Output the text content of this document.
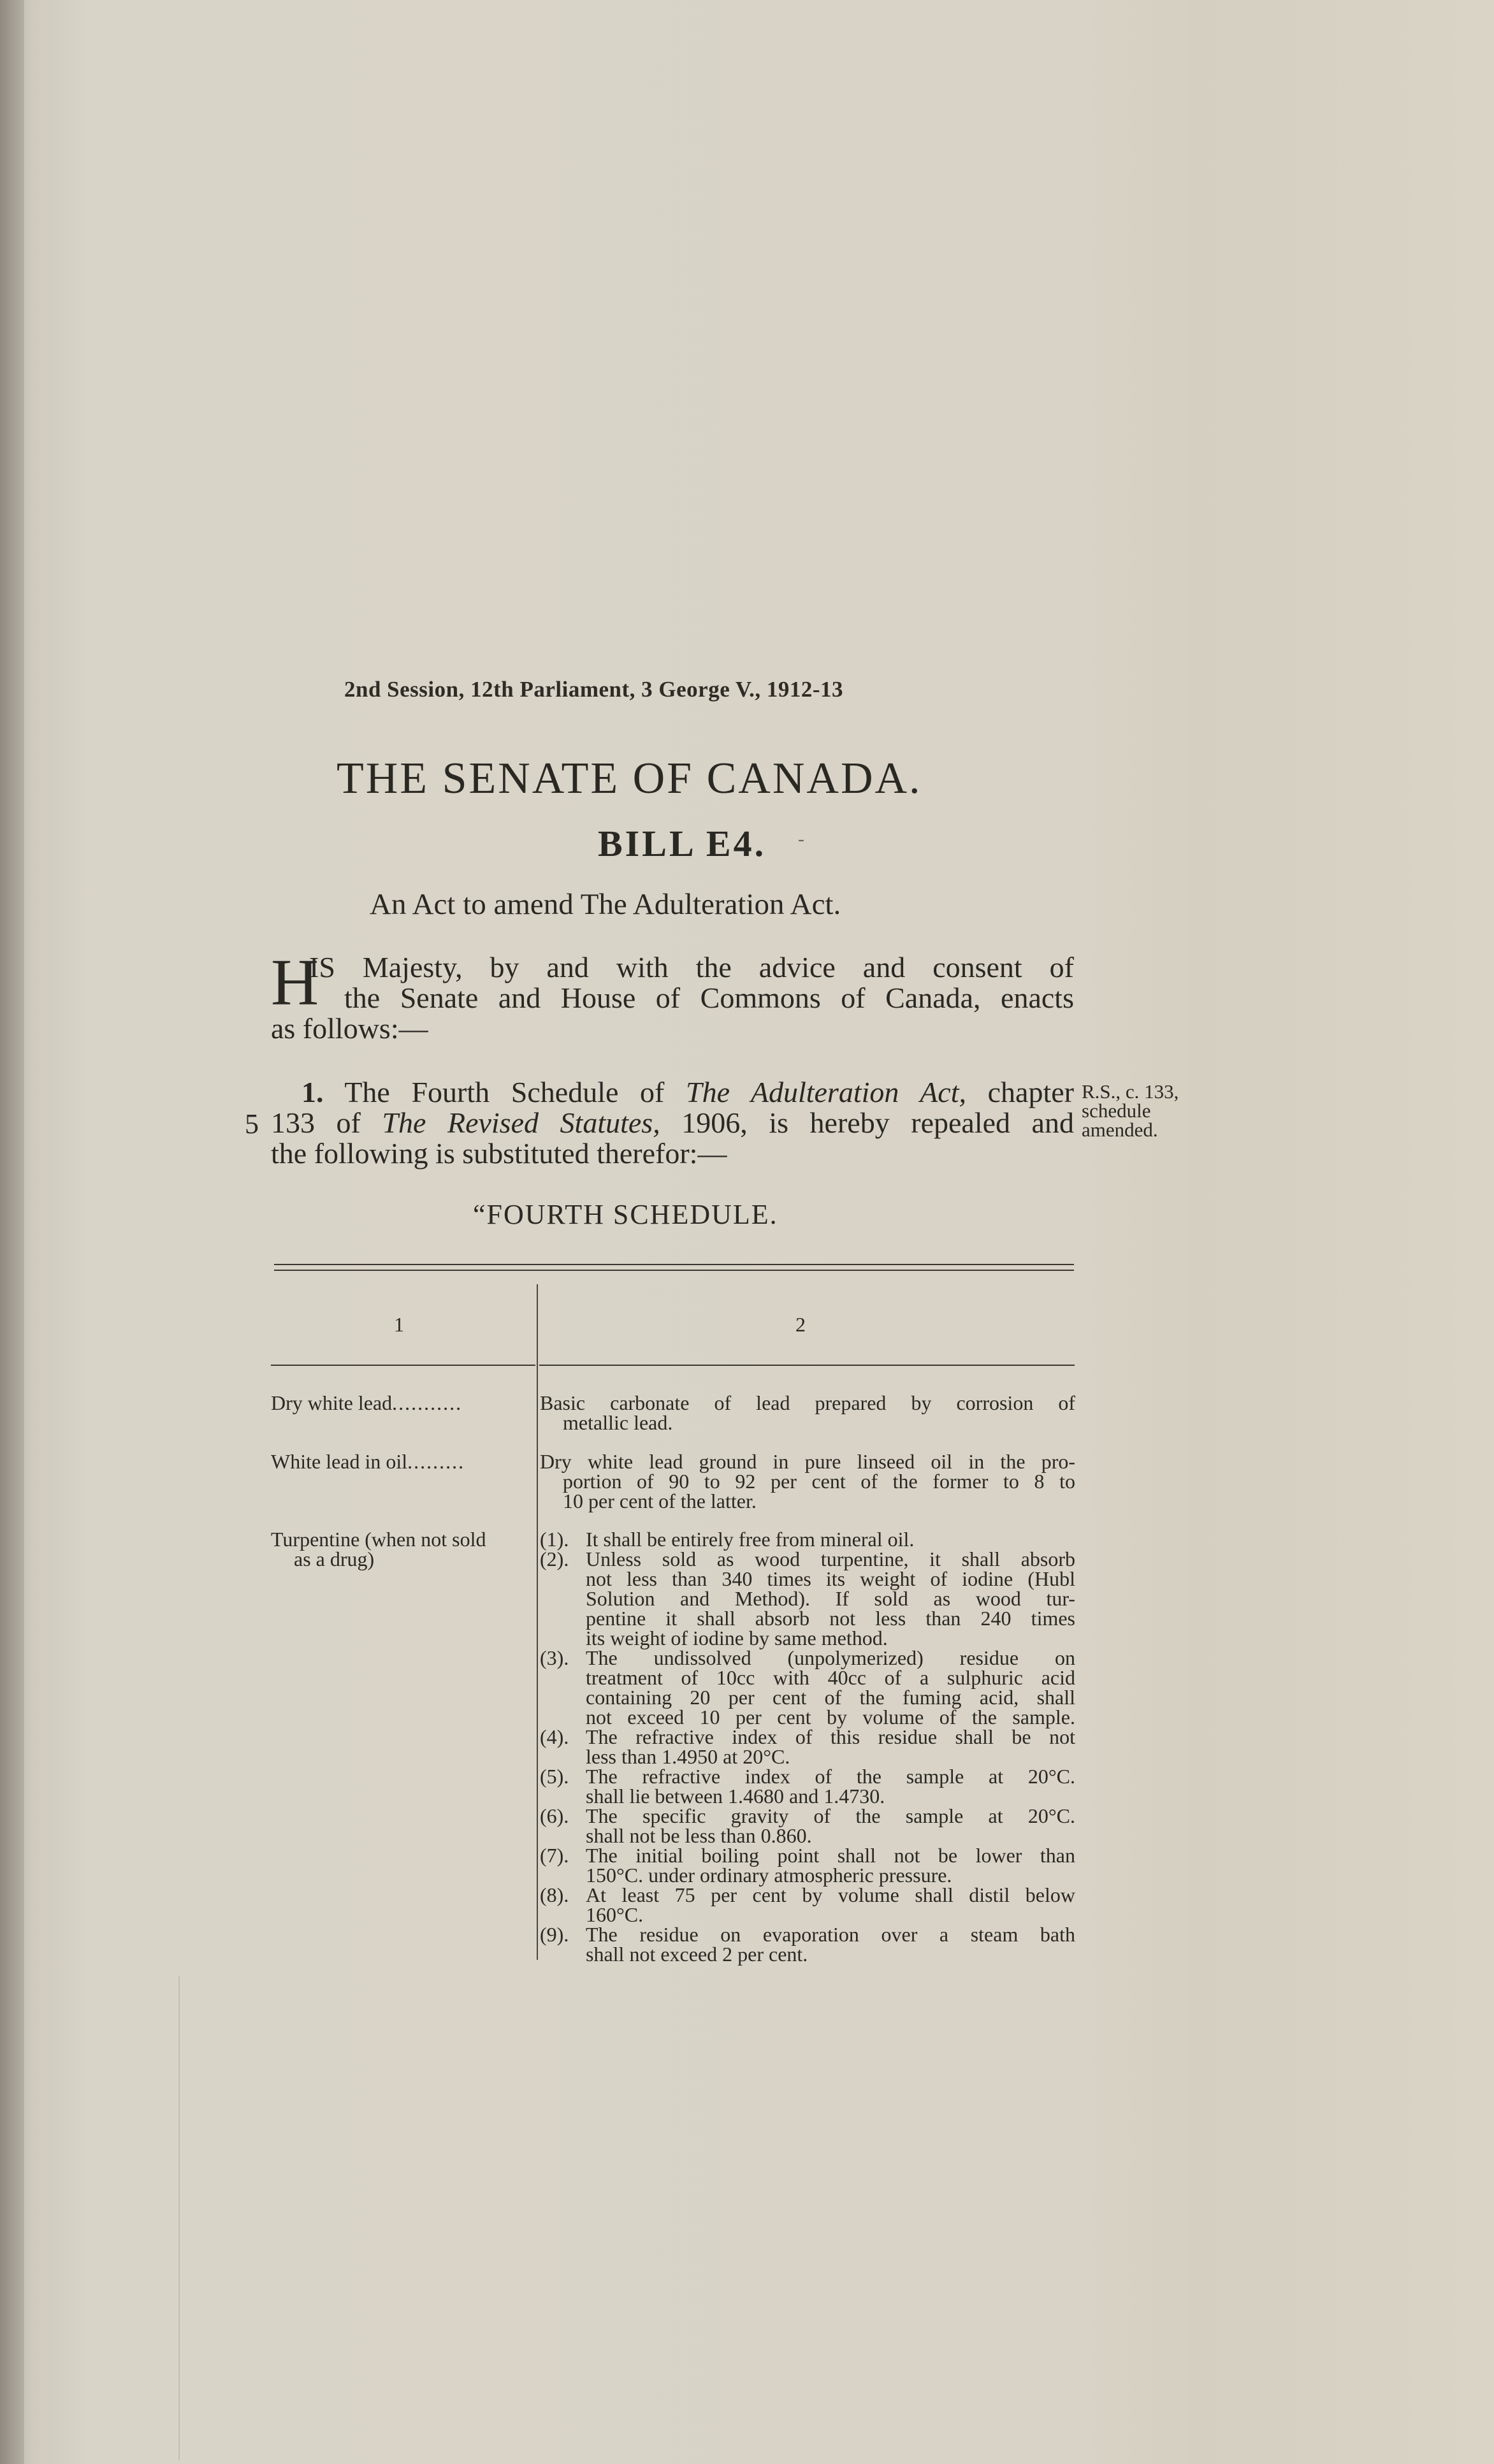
2nd Session, 12th Parliament, 3 George V., 1912-13
THE SENATE OF CANADA.
BILL E4. -
An Act to amend The Adulteration Act.
H
IS Majesty, by and with the advice and consent of
the Senate and House of Commons of Canada, enacts
as follows:—
1. The Fourth Schedule of The Adulteration Act, chapter
133 of The Revised Statutes, 1906, is hereby repealed and
the following is substituted therefor:—
5
R.S., c. 133,
schedule
amended.
“FOURTH SCHEDULE.
1	2
Dry white lead...........	Basic carbonate of lead prepared by corrosion of
metallic lead.
White lead in oil.........	Dry white lead ground in pure linseed oil in the pro-
portion of 90 to 92 per cent of the former to 8 to
10 per cent of the latter.
Turpentine (when not sold
as a drug)
(1). It shall be entirely free from mineral oil.
(2). Unless sold as wood turpentine, it shall absorb
not less than 340 times its weight of iodine (Hubl
Solution and Method). If sold as wood tur-
pentine it shall absorb not less than 240 times
its weight of iodine by same method.
(3). The undissolved (unpolymerized) residue on
treatment of 10cc with 40cc of a sulphuric acid
containing 20 per cent of the fuming acid, shall
not exceed 10 per cent by volume of the sample.
(4). The refractive index of this residue shall be not
less than 1.4950 at 20°C.
(5). The refractive index of the sample at 20°C.
shall lie between 1.4680 and 1.4730.
(6). The specific gravity of the sample at 20°C.
shall not be less than 0.860.
(7). The initial boiling point shall not be lower than
150°C. under ordinary atmospheric pressure.
(8). At least 75 per cent by volume shall distil below
160°C.
(9). The residue on evaporation over a steam bath
shall not exceed 2 per cent.
